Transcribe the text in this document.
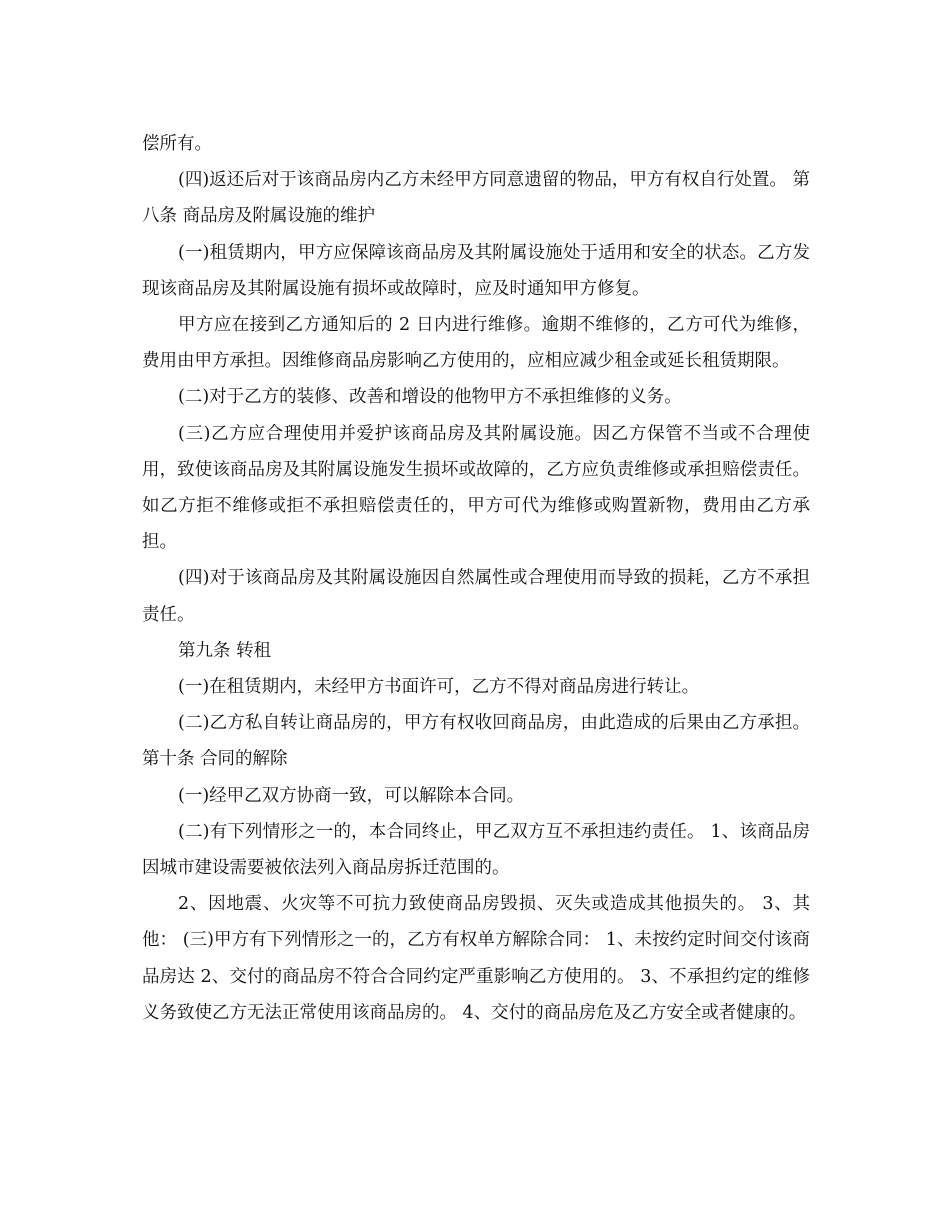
偿所有。

(四)返还后对于该商品房内乙方未经甲方同意遗留的物品，甲方有权自行处置。 第八条 商品房及附属设施的维护

(一)租赁期内，甲方应保障该商品房及其附属设施处于适用和安全的状态。乙方发现该商品房及其附属设施有损坏或故障时，应及时通知甲方修复。

甲方应在接到乙方通知后的 2 日内进行维修。逾期不维修的，乙方可代为维修，费用由甲方承担。因维修商品房影响乙方使用的，应相应减少租金或延长租赁期限。

(二)对于乙方的装修、改善和增设的他物甲方不承担维修的义务。

(三)乙方应合理使用并爱护该商品房及其附属设施。因乙方保管不当或不合理使用，致使该商品房及其附属设施发生损坏或故障的，乙方应负责维修或承担赔偿责任。如乙方拒不维修或拒不承担赔偿责任的，甲方可代为维修或购置新物，费用由乙方承担。

(四)对于该商品房及其附属设施因自然属性或合理使用而导致的损耗，乙方不承担责任。

第九条 转租

(一)在租赁期内，未经甲方书面许可，乙方不得对商品房进行转让。

(二)乙方私自转让商品房的，甲方有权收回商品房，由此造成的后果由乙方承担。 第十条 合同的解除

(一)经甲乙双方协商一致，可以解除本合同。

(二)有下列情形之一的，本合同终止，甲乙双方互不承担违约责任。 1、该商品房因城市建设需要被依法列入商品房拆迁范围的。

2、因地震、火灾等不可抗力致使商品房毁损、灭失或造成其他损失的。 3、其他： (三)甲方有下列情形之一的，乙方有权单方解除合同： 1、未按约定时间交付该商品房达 2、交付的商品房不符合合同约定严重影响乙方使用的。 3、不承担约定的维修义务致使乙方无法正常使用该商品房的。 4、交付的商品房危及乙方安全或者健康的。
